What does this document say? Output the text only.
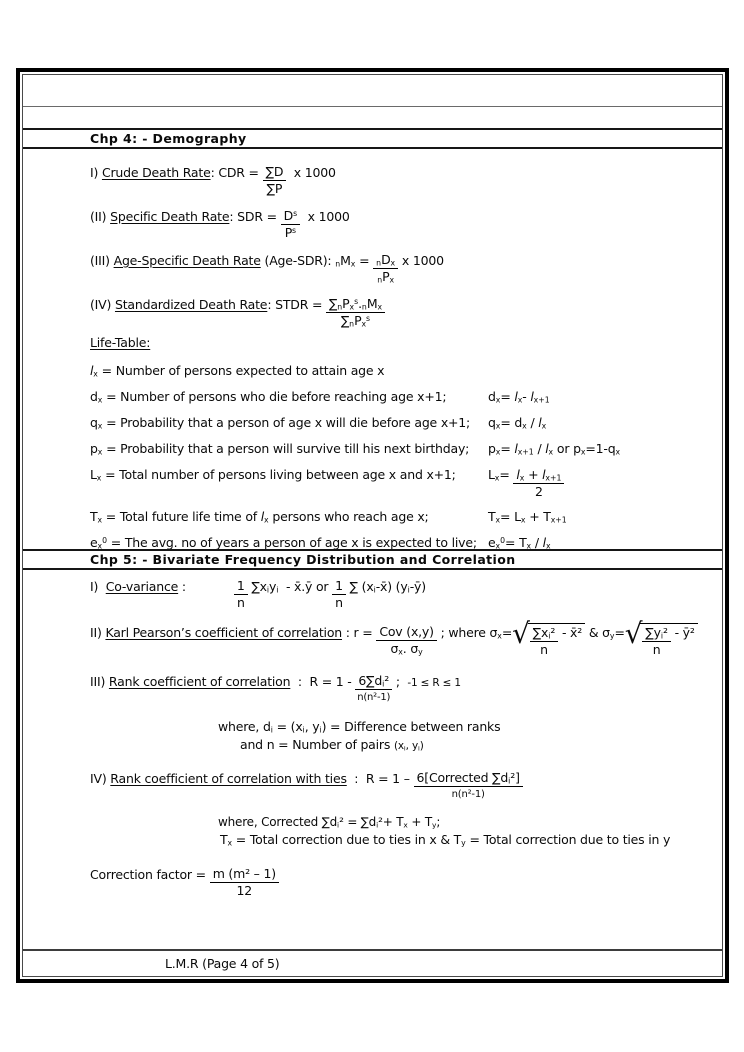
Chp 4: - Demography
I) Crude Death Rate: CDR = $\frac{\sum D}{\sum P}$ x 1000
(II) Specific Death Rate: SDR = $\frac{D^s}{P^s}$ x 1000
(III) Age-Specific Death Rate (Age-SDR): $_nM_x = \frac{_nD_x}{_nP_x}$ x 1000
(IV) Standardized Death Rate: STDR = $\frac{\sum_nP_x^s._nM_x}{\sum_nP_x^s}$
Life-Table:
$l_x$ = Number of persons expected to attain age x
$d_x$ = Number of persons who die before reaching age x+1;	$d_x= l_x-$ $l_{x+1}$
$q_x$ = Probability that a person of age x will die before age x+1;	$q_x= d_x / l_x$
$p_x$ = Probability that a person will survive till his next birthday;	$p_x= l_{x+1} / l_x$ or $p_x=1-q_x$
$L_x$ = Total number of persons living between age x and x+1;	$L_x= \frac{l_x + l_{x+1}}{2}$
$T_x$ = Total future life time of $l_x$ persons who reach age x;	$T_x= L_x + T_{x+1}$
$e_x^0$ = The avg. no of years a person of age x is expected to live; $e_x^0= T_x / l_x$
Chp 5: - Bivariate Frequency Distribution and Correlation
I)  Co-variance :	$\frac{1}{n} \sum x_iy_i$  - x̄.ȳ or $\frac{1}{n}$ ∑ $(x_i-x̄)$ $(y_i-ȳ)$
II) Karl Pearson’s coefficient of correlation : $r = \frac{\text{Cov (x,y)}}{\sigma_x. \sigma_y}$ ; where $\sigma_x=$ √ $\frac{\sum x_i^2}{n}$ - x̄² & $\sigma_y=$ √ $\frac{\sum y_i^2}{n}$ - ȳ²
III) Rank coefficient of correlation  :  $R = 1 - \frac{6\sum d_i^2}{\text{n(n²-1)}}$ ;  -1 ≤ R ≤ 1
where, $d_i = (x_i$, $y_i$) = Difference between ranks
and n = Number of pairs ($x_i$, $y_i$)
IV) Rank coefficient of correlation with ties  :  $R = 1 - \frac{6[Corrected \sum d_i^2]}{\text{n(n²-1)}}$
where, Corrected $\sum d_i^2 = \sum d_i^2+ T_x + T_y$;
$T_x$ = Total correction due to ties in x & $T_y$ = Total correction due to ties in y
Correction factor = $\frac{\text{m (m² – 1)}}{12}$
L.M.R (Page 4 of 5)
